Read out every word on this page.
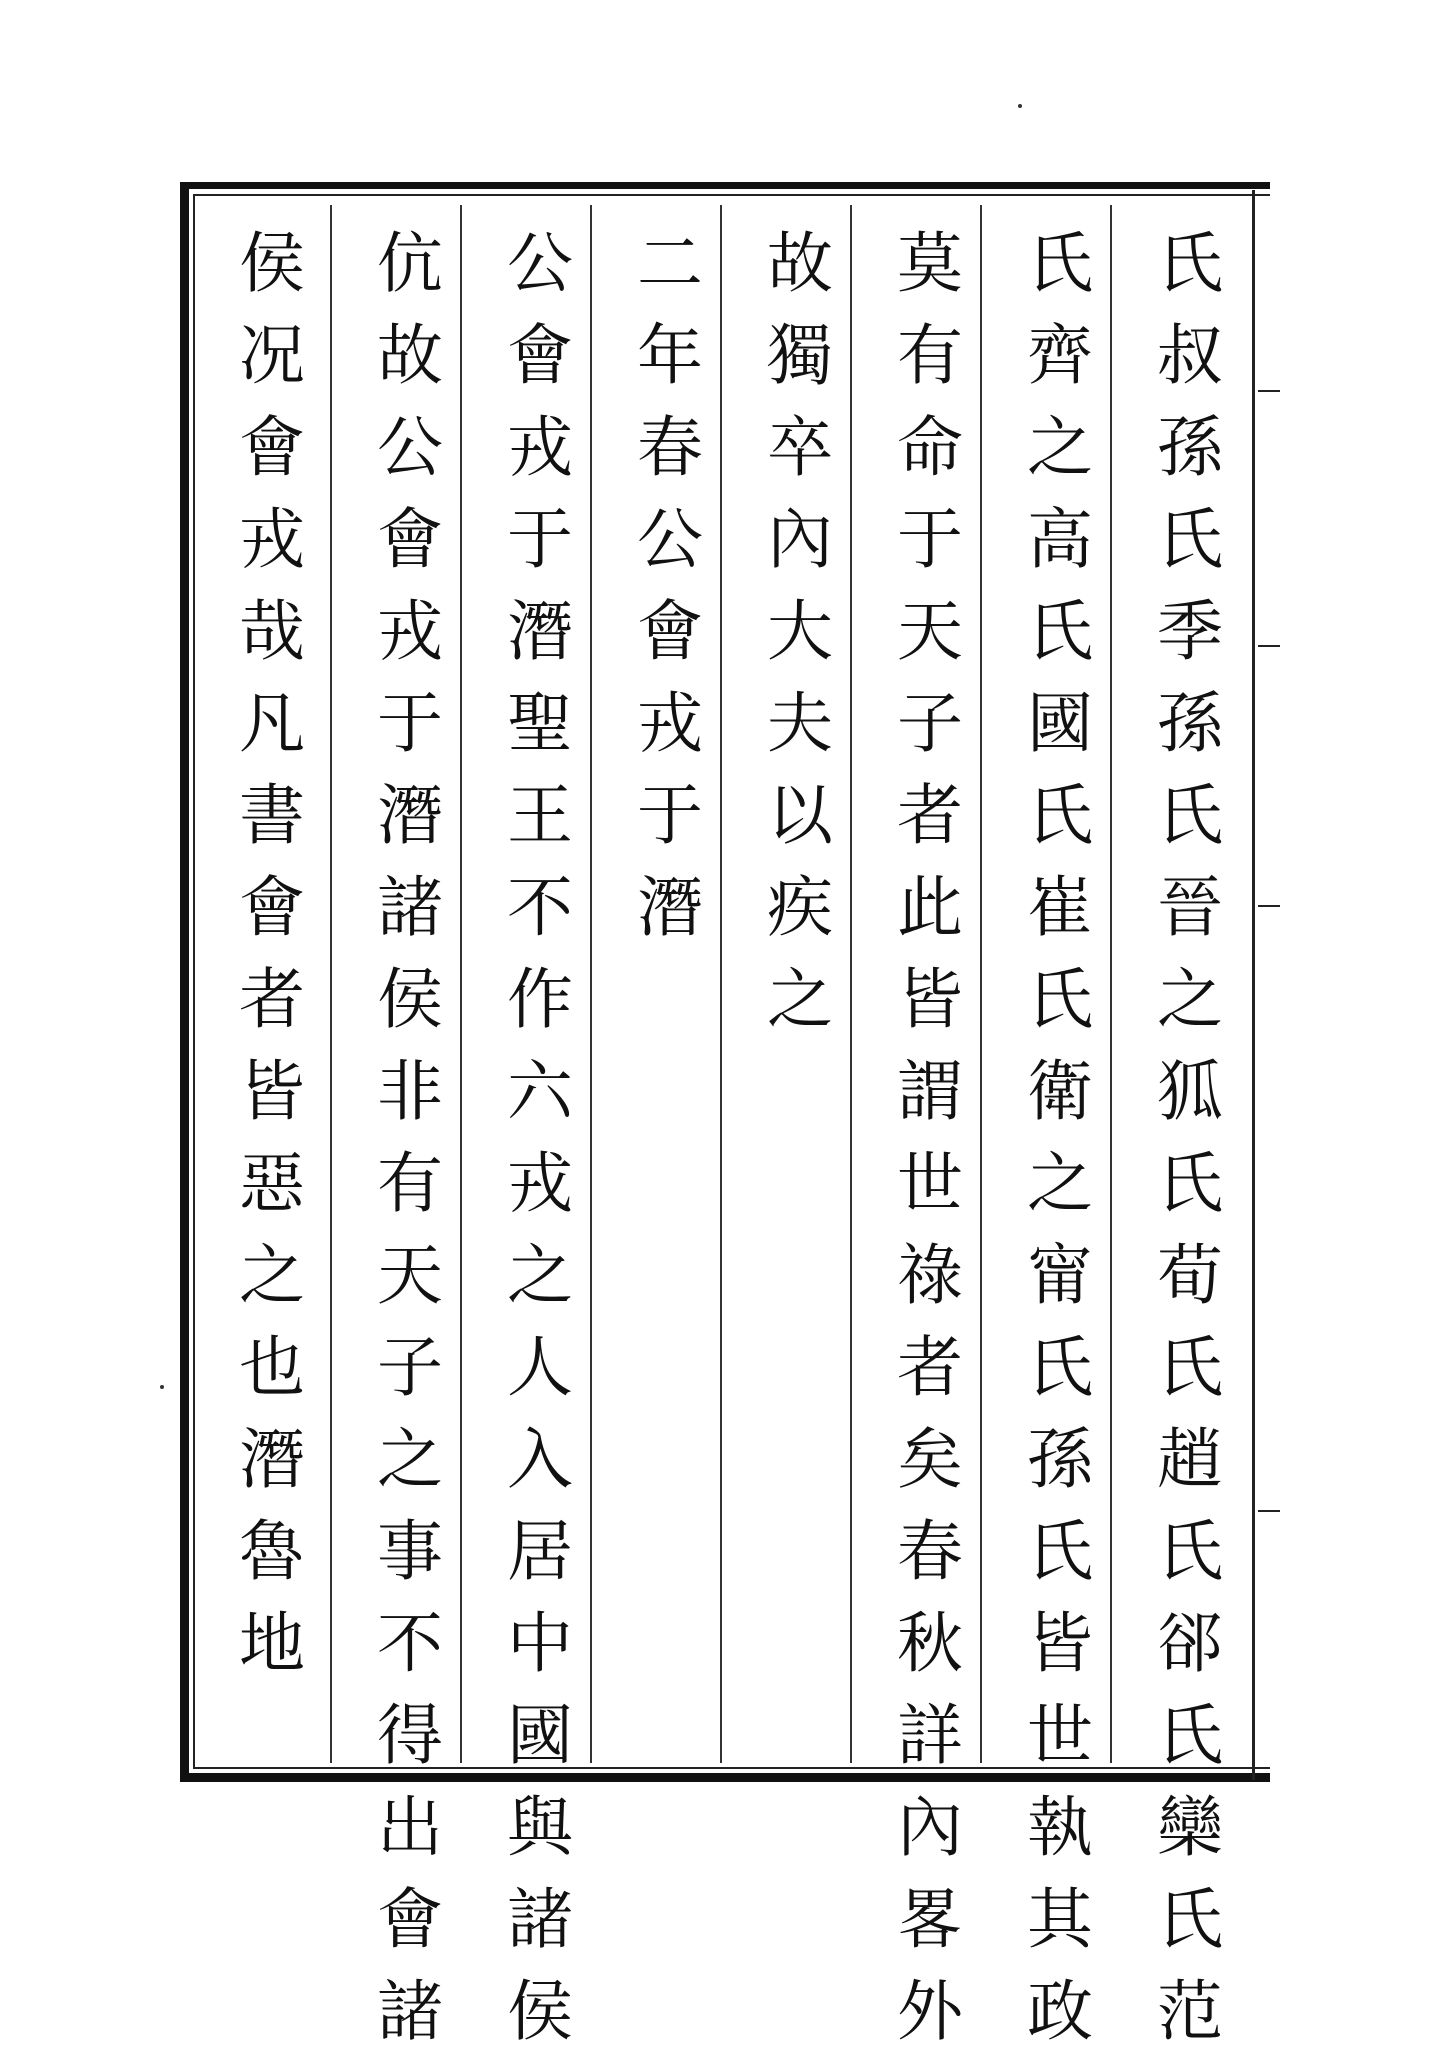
氏
叔
孫
氏
季
孫
氏
晉
之
狐
氏
荀
氏
趙
氏
郤
氏
欒
氏
范
氏
齊
之
高
氏
國
氏
崔
氏
衛
之
甯
氏
孫
氏
皆
世
執
其
政
莫
有
命
于
天
子
者
此
皆
謂
世
祿
者
矣
春
秋
詳
內
畧
外
故
獨
卒
內
大
夫
以
疾
之
二
年
春
公
會
戎
于
潛
公
會
戎
于
潛
聖
王
不
作
六
戎
之
人
入
居
中
國
與
諸
侯
伉
故
公
會
戎
于
潛
諸
侯
非
有
天
子
之
事
不
得
出
會
諸
侯
况
會
戎
哉
凡
書
會
者
皆
惡
之
也
潛
魯
地
